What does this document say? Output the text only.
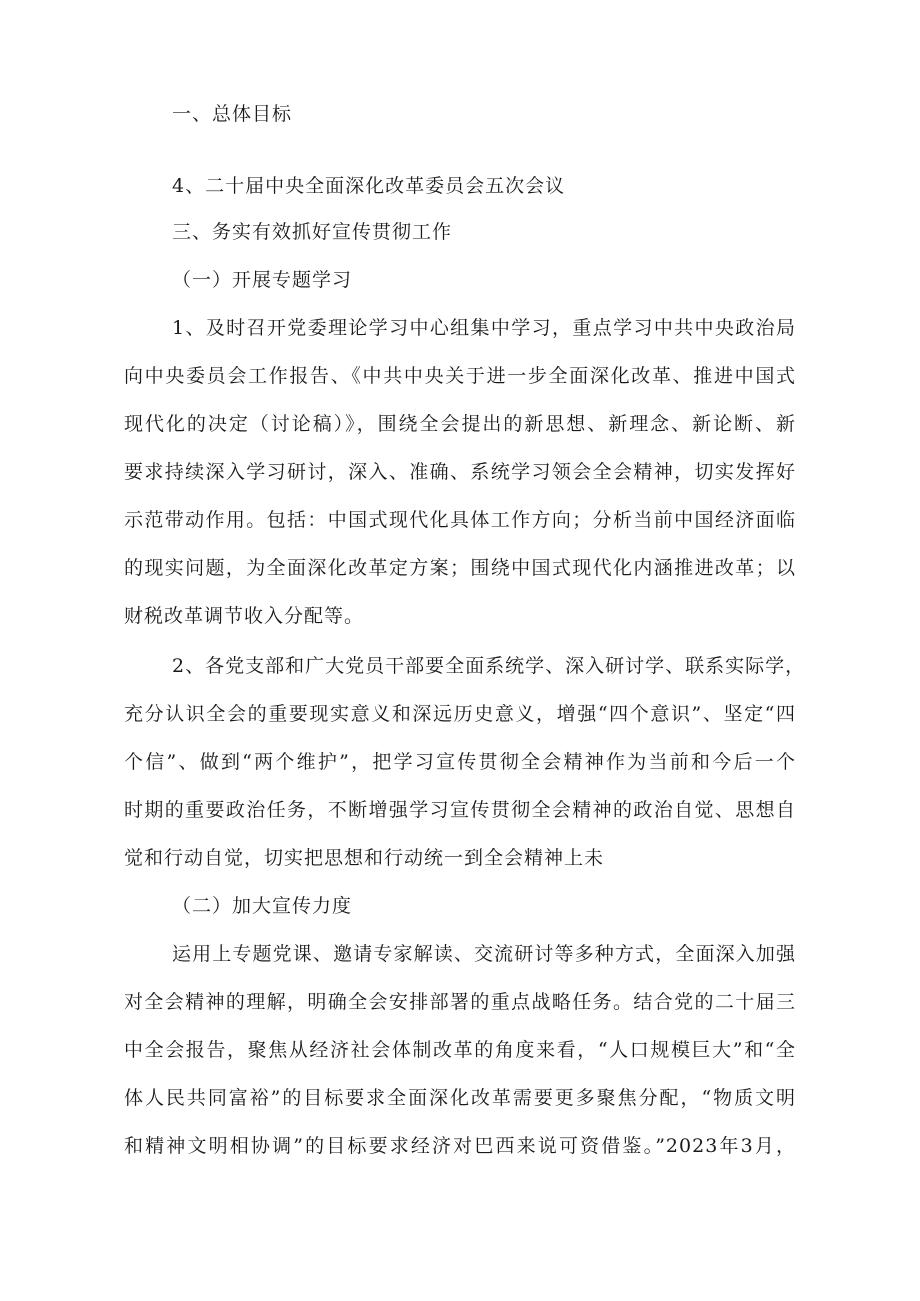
一、总体目标
4、二十届中央全面深化改革委员会五次会议
三、务实有效抓好宣传贯彻工作
（一）开展专题学习
1、及时召开党委理论学习中心组集中学习，重点学习中共中央政治局
向中央委员会工作报告、《中共中央关于进一步全面深化改革、推进中国式
现代化的决定（讨论稿）》，围绕全会提出的新思想、新理念、新论断、新
要求持续深入学习研讨，深入、准确、系统学习领会全会精神，切实发挥好
示范带动作用。包括：中国式现代化具体工作方向；分析当前中国经济面临
的现实问题，为全面深化改革定方案；围绕中国式现代化内涵推进改革；以
财税改革调节收入分配等。
2、各党支部和广大党员干部要全面系统学、深入研讨学、联系实际学，
充分认识全会的重要现实意义和深远历史意义，增强“四个意识”、坚定“四
个信”、做到“两个维护”，把学习宣传贯彻全会精神作为当前和今后一个
时期的重要政治任务，不断增强学习宣传贯彻全会精神的政治自觉、思想自
觉和行动自觉，切实把思想和行动统一到全会精神上未
（二）加大宣传力度
运用上专题党课、邀请专家解读、交流研讨等多种方式，全面深入加强
对全会精神的理解，明确全会安排部署的重点战略任务。结合党的二十届三
中全会报告，聚焦从经济社会体制改革的角度来看，“人口规模巨大”和“全
体人民共同富裕”的目标要求全面深化改革需要更多聚焦分配，“物质文明
和精神文明相协调”的目标要求经济对巴西来说可资借鉴。”2023年3月，
